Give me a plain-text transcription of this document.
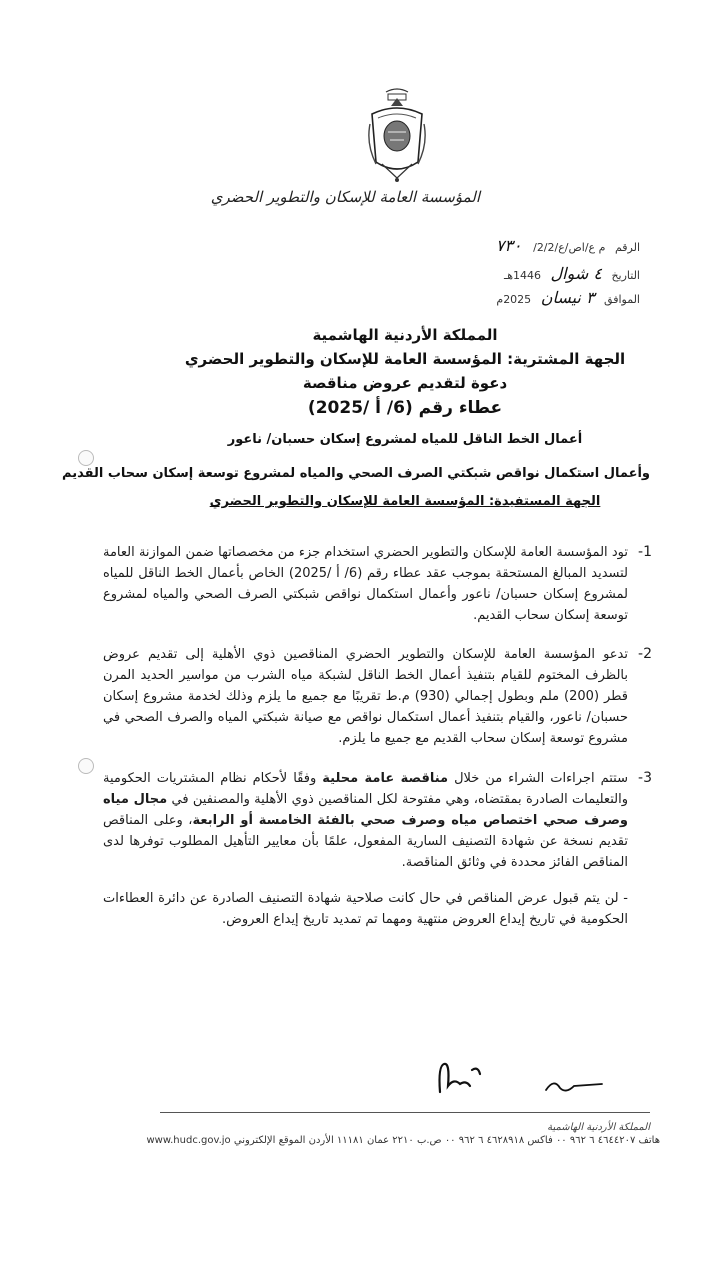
المؤسسة العامة للإسكان والتطوير الحضري
الرقم م ع/اص/ع/2/2/ ٧٣٠
التاريخ ٤ شوال 1446هـ
الموافق ٣ نيسان 2025م
المملكة الأردنية الهاشمية
الجهة المشترية: المؤسسة العامة للإسكان والتطوير الحضري
دعوة لتقديم عروض مناقصة
عطاء رقم (6/ أ /2025)
أعمال الخط الناقل للمياه لمشروع إسكان حسبان/ ناعور
وأعمال استكمال نواقص شبكتي الصرف الصحي والمياه لمشروع توسعة إسكان سحاب القديم
الجهة المستفيدة: المؤسسة العامة للإسكان والتطوير الحضري
1-
تود المؤسسة العامة للإسكان والتطوير الحضري استخدام جزء من مخصصاتها ضمن الموازنة العامة لتسديد المبالغ المستحقة بموجب عقد عطاء رقم (6/ أ /2025) الخاص بأعمال الخط الناقل للمياه لمشروع إسكان حسبان/ ناعور وأعمال استكمال نواقص شبكتي الصرف الصحي والمياه لمشروع توسعة إسكان سحاب القديم.
2-
تدعو المؤسسة العامة للإسكان والتطوير الحضري المناقصين ذوي الأهلية إلى تقديم عروض بالظرف المختوم للقيام بتنفيذ أعمال الخط الناقل لشبكة مياه الشرب من مواسير الحديد المرن قطر (200) ملم وبطول إجمالي (930) م.ط تقريبًا مع جميع ما يلزم وذلك لخدمة مشروع إسكان حسبان/ ناعور، والقيام بتنفيذ أعمال استكمال نواقص مع صيانة شبكتي المياه والصرف الصحي في مشروع توسعة إسكان سحاب القديم مع جميع ما يلزم.
3-
ستتم اجراءات الشراء من خلال مناقصة عامة محلية وفقًا لأحكام نظام المشتريات الحكومية والتعليمات الصادرة بمقتضاه، وهي مفتوحة لكل المناقصين ذوي الأهلية والمصنفين في مجال مياه وصرف صحي اختصاص مياه وصرف صحي بالفئة الخامسة أو الرابعة، وعلى المناقص تقديم نسخة عن شهادة التصنيف السارية المفعول، علمًا بأن معايير التأهيل المطلوب توفرها لدى المناقص الفائز محددة في وثائق المناقصة.
- لن يتم قبول عرض المناقص في حال كانت صلاحية شهادة التصنيف الصادرة عن دائرة العطاءات الحكومية في تاريخ إيداع العروض منتهية ومهما تم تمديد تاريخ إيداع العروض.
المملكة الأردنية الهاشمية
هاتف ٤٦٤٤٢٠٧ ٦ ٩٦٢ ٠٠ فاكس ٤٦٢٨٩١٨ ٦ ٩٦٢ ٠٠ ص.ب ٢٢١٠ عمان ١١١٨١ الأردن الموقع الإلكتروني www.hudc.gov.jo
